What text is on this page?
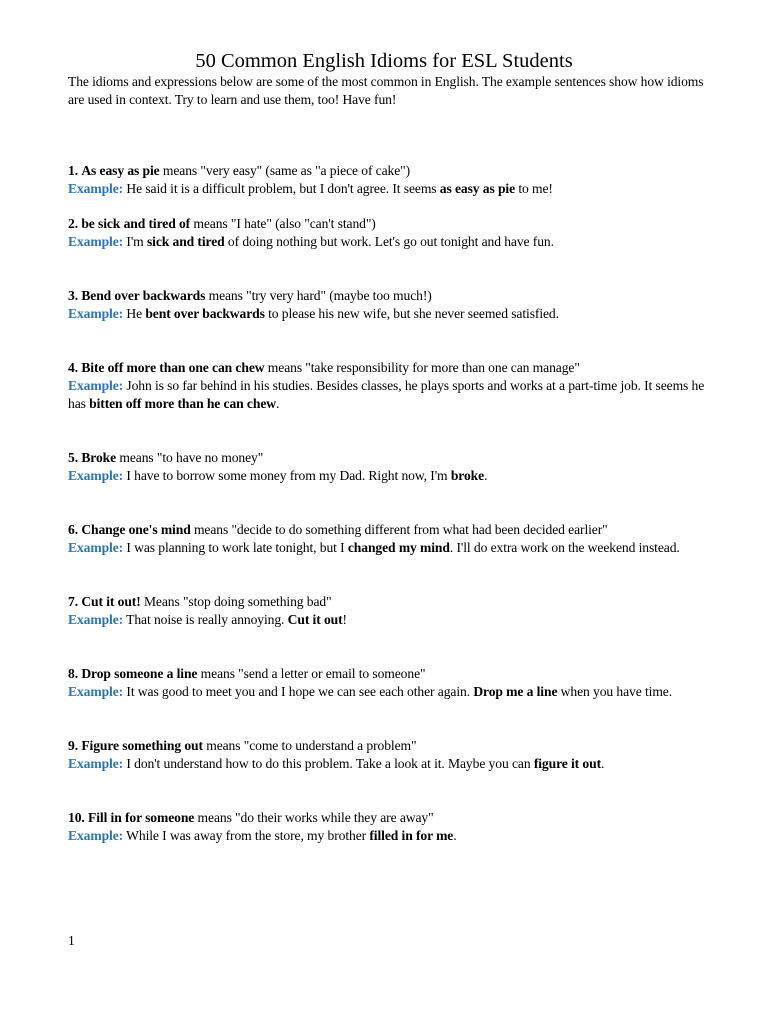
50 Common English Idioms for ESL Students
The idioms and expressions below are some of the most common in English. The example sentences show how idioms are used in context. Try to learn and use them, too! Have fun!
1. As easy as pie means "very easy" (same as "a piece of cake")
Example: He said it is a difficult problem, but I don't agree. It seems as easy as pie to me!
2. be sick and tired of means "I hate" (also "can't stand")
Example: I'm sick and tired of doing nothing but work. Let's go out tonight and have fun.
3. Bend over backwards means "try very hard" (maybe too much!)
Example: He bent over backwards to please his new wife, but she never seemed satisfied.
4. Bite off more than one can chew means "take responsibility for more than one can manage"
Example: John is so far behind in his studies. Besides classes, he plays sports and works at a part-time job. It seems he has bitten off more than he can chew.
5. Broke means "to have no money"
Example: I have to borrow some money from my Dad. Right now, I'm broke.
6. Change one's mind means "decide to do something different from what had been decided earlier"
Example: I was planning to work late tonight, but I changed my mind. I'll do extra work on the weekend instead.
7. Cut it out! Means "stop doing something bad"
Example: That noise is really annoying. Cut it out!
8. Drop someone a line means "send a letter or email to someone"
Example: It was good to meet you and I hope we can see each other again. Drop me a line when you have time.
9. Figure something out means "come to understand a problem"
Example: I don't understand how to do this problem. Take a look at it. Maybe you can figure it out.
10. Fill in for someone means "do their works while they are away"
Example: While I was away from the store, my brother filled in for me.
1
